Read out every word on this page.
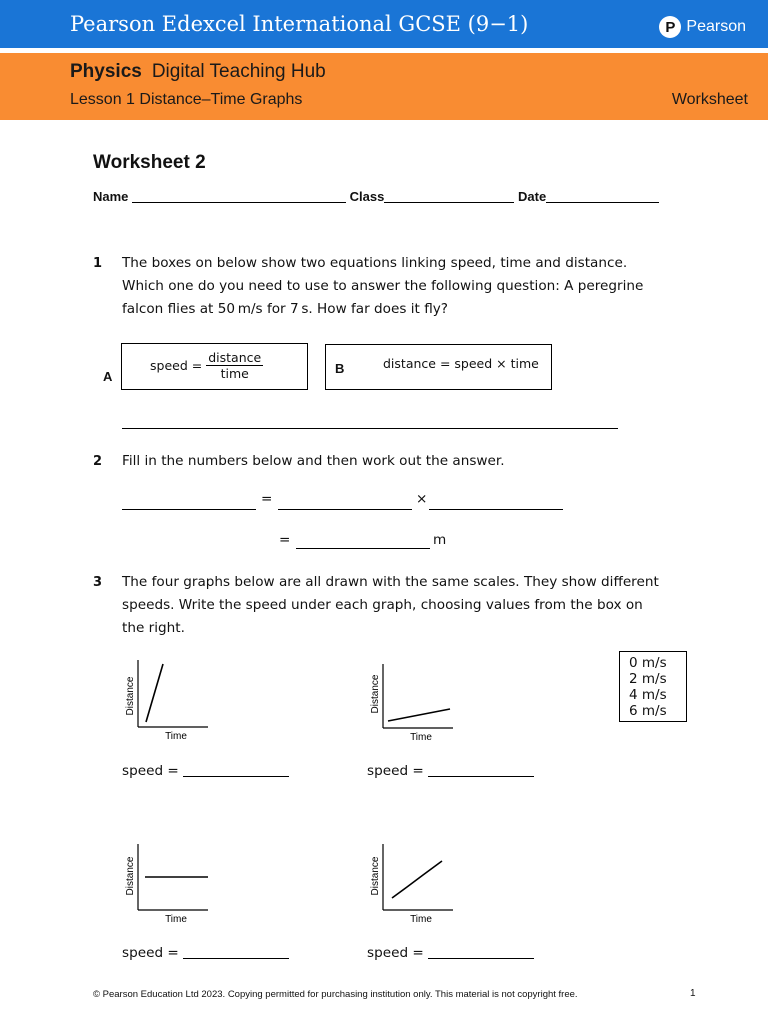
Pearson Edexcel International GCSE (9−1)	P Pearson
Physics Digital Teaching Hub
Lesson 1 Distance–Time Graphs	Worksheet
Worksheet 2
Name	Class	Date
1 The boxes on below show two equations linking speed, time and distance. Which one do you need to use to answer the following question: A peregrine falcon flies at 50 m/s for 7 s. How far does it fly?
A
speed = $\frac{\text{distance}}{\text{time}}$	B	distance = speed × time
2 Fill in the numbers below and then work out the answer.
=	×
=	m
3 The four graphs below are all drawn with the same scales. They show different speeds. Write the speed under each graph, choosing values from the box on the right.
0 m/s
2 m/s
4 m/s
6 m/s
Distance
Time
Distance
Time
speed =	speed =
Distance
Time
Distance
Time
speed =	speed =
© Pearson Education Ltd 2023. Copying permitted for purchasing institution only. This material is not copyright free.	1
